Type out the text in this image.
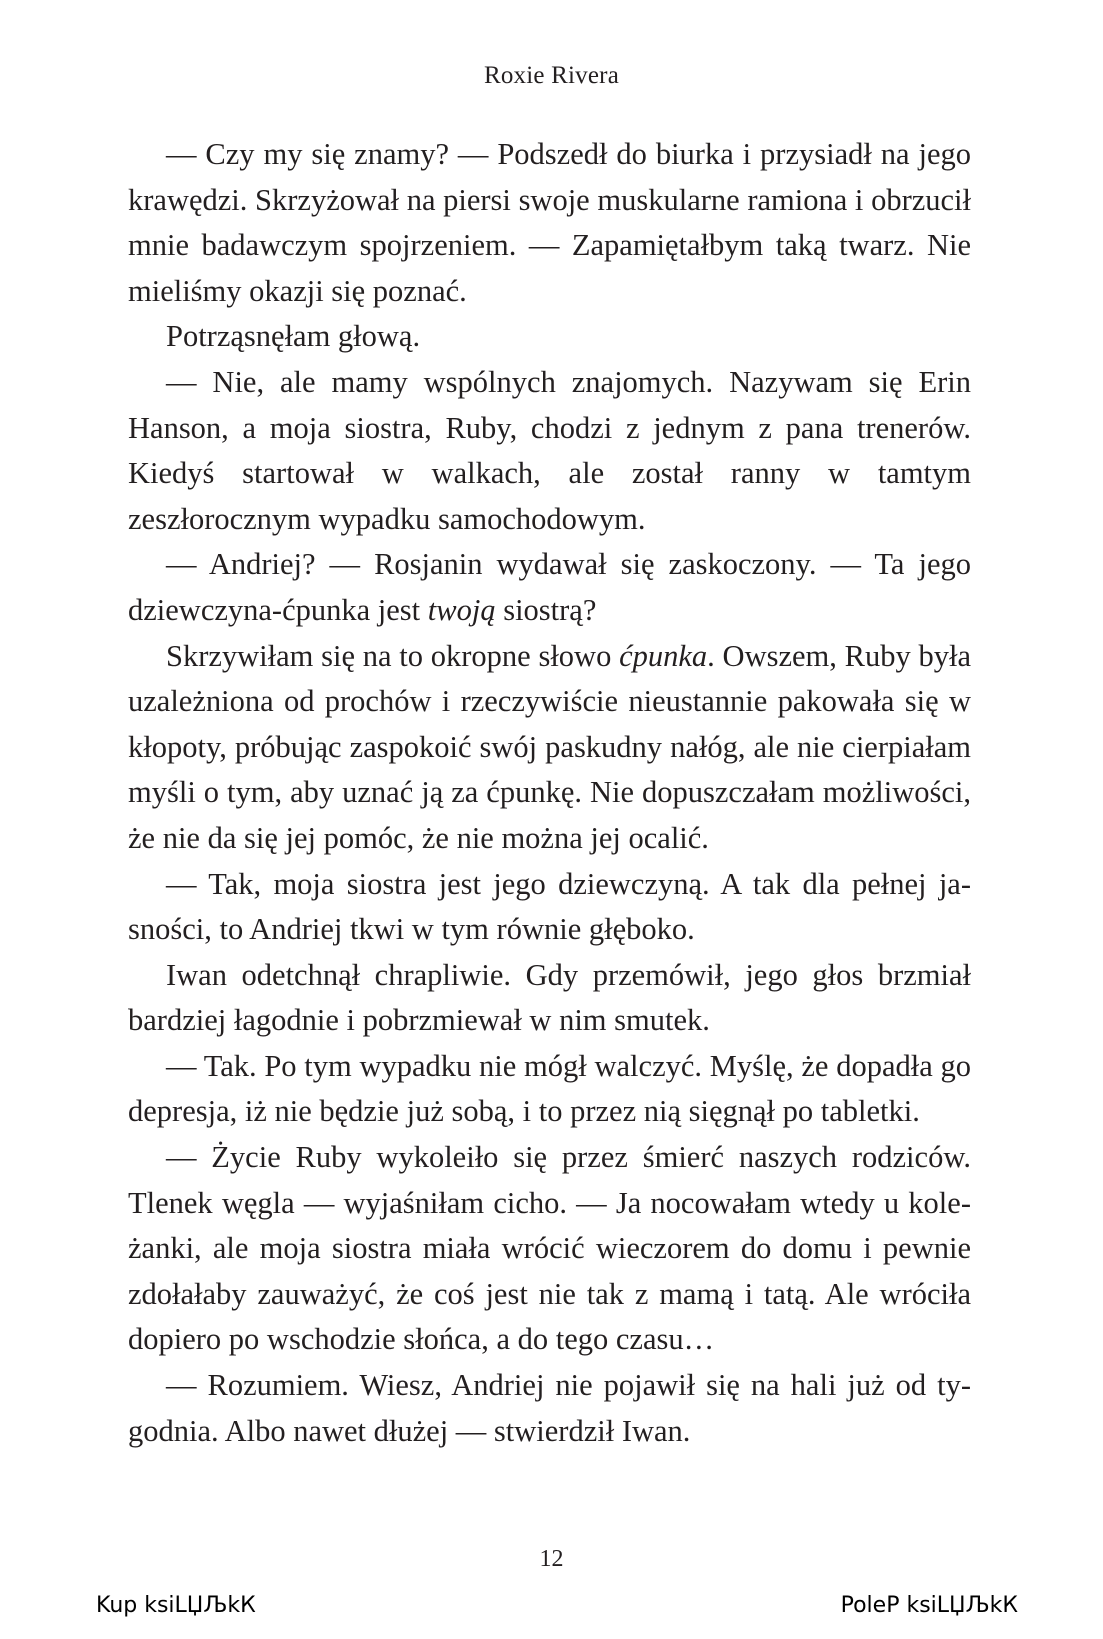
Roxie Rivera

— Czy my się znamy? — Podszedł do biurka i przysiadł na jego krawędzi. Skrzyżował na piersi swoje muskularne ramiona i obrzucił mnie badawczym spojrzeniem. — Zapamiętałbym taką twarz. Nie mieliśmy okazji się poznać.

Potrząsnęłam głową.

— Nie, ale mamy wspólnych znajomych. Nazywam się Erin Hanson, a moja siostra, Ruby, chodzi z jednym z pana trenerów. Kiedyś startował w walkach, ale został ranny w tamtym zeszłorocznym wypadku samochodowym.

— Andriej? — Rosjanin wydawał się zaskoczony. — Ta jego dziewczyna-ćpunka jest twoją siostrą?

Skrzywiłam się na to okropne słowo ćpunka. Owszem, Ruby była uzależniona od prochów i rzeczywiście nieustannie pakowała się w kłopoty, próbując zaspokoić swój paskudny nałóg, ale nie cierpiałam myśli o tym, aby uznać ją za ćpunkę. Nie dopuszczałam możliwości, że nie da się jej pomóc, że nie można jej ocalić.

— Tak, moja siostra jest jego dziewczyną. A tak dla pełnej jasności, to Andriej tkwi w tym równie głęboko.

Iwan odetchnął chrapliwie. Gdy przemówił, jego głos brzmiał bardziej łagodnie i pobrzmiewał w nim smutek.

— Tak. Po tym wypadku nie mógł walczyć. Myślę, że dopadła go depresja, iż nie będzie już sobą, i to przez nią sięgnął po tabletki.

— Życie Ruby wykoleiło się przez śmierć naszych rodziców. Tlenek węgla — wyjaśniłam cicho. — Ja nocowałam wtedy u koleżanki, ale moja siostra miała wrócić wieczorem do domu i pewnie zdołałaby zauważyć, że coś jest nie tak z mamą i tatą. Ale wróciła dopiero po wschodzie słońca, a do tego czasu…

— Rozumiem. Wiesz, Andriej nie pojawił się na hali już od tygodnia. Albo nawet dłużej — stwierdził Iwan.

12
Kup ksiLЏЉkК	PoleР ksiLЏЉkК
